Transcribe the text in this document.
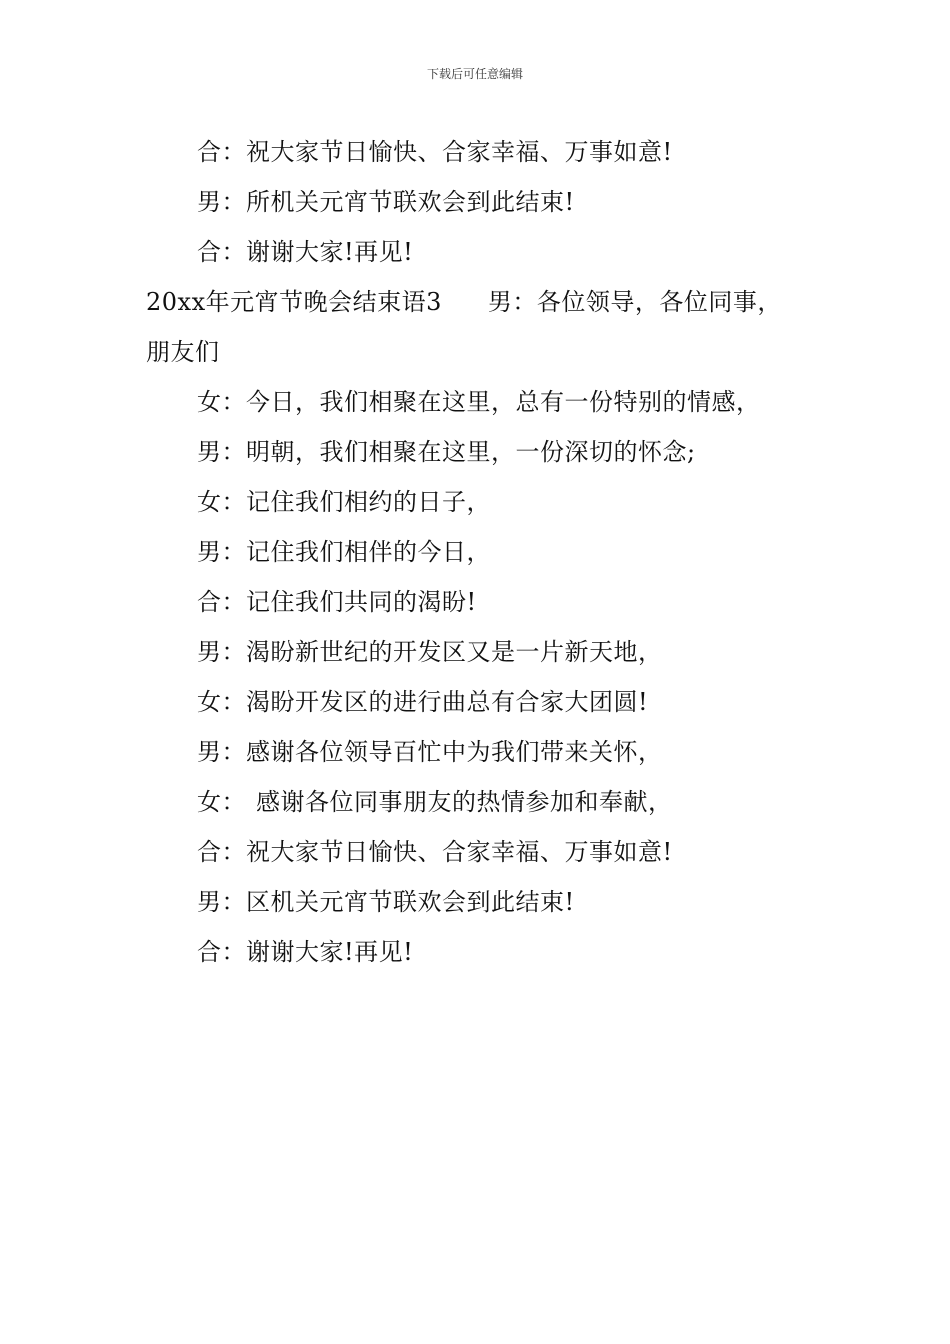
下载后可任意编辑
合：祝大家节日愉快、合家幸福、万事如意!
男：所机关元宵节联欢会到此结束!
合：谢谢大家!再见!
20xx年元宵节晚会结束语3 男：各位领导，各位同事，
朋友们
女：今日，我们相聚在这里，总有一份特别的情感，
男：明朝，我们相聚在这里，一份深切的怀念;
女：记住我们相约的日子，
男：记住我们相伴的今日，
合：记住我们共同的渴盼!
男：渴盼新世纪的开发区又是一片新天地，
女：渴盼开发区的进行曲总有合家大团圆!
男：感谢各位领导百忙中为我们带来关怀，
女： 感谢各位同事朋友的热情参加和奉献，
合：祝大家节日愉快、合家幸福、万事如意!
男：区机关元宵节联欢会到此结束!
合：谢谢大家!再见!
